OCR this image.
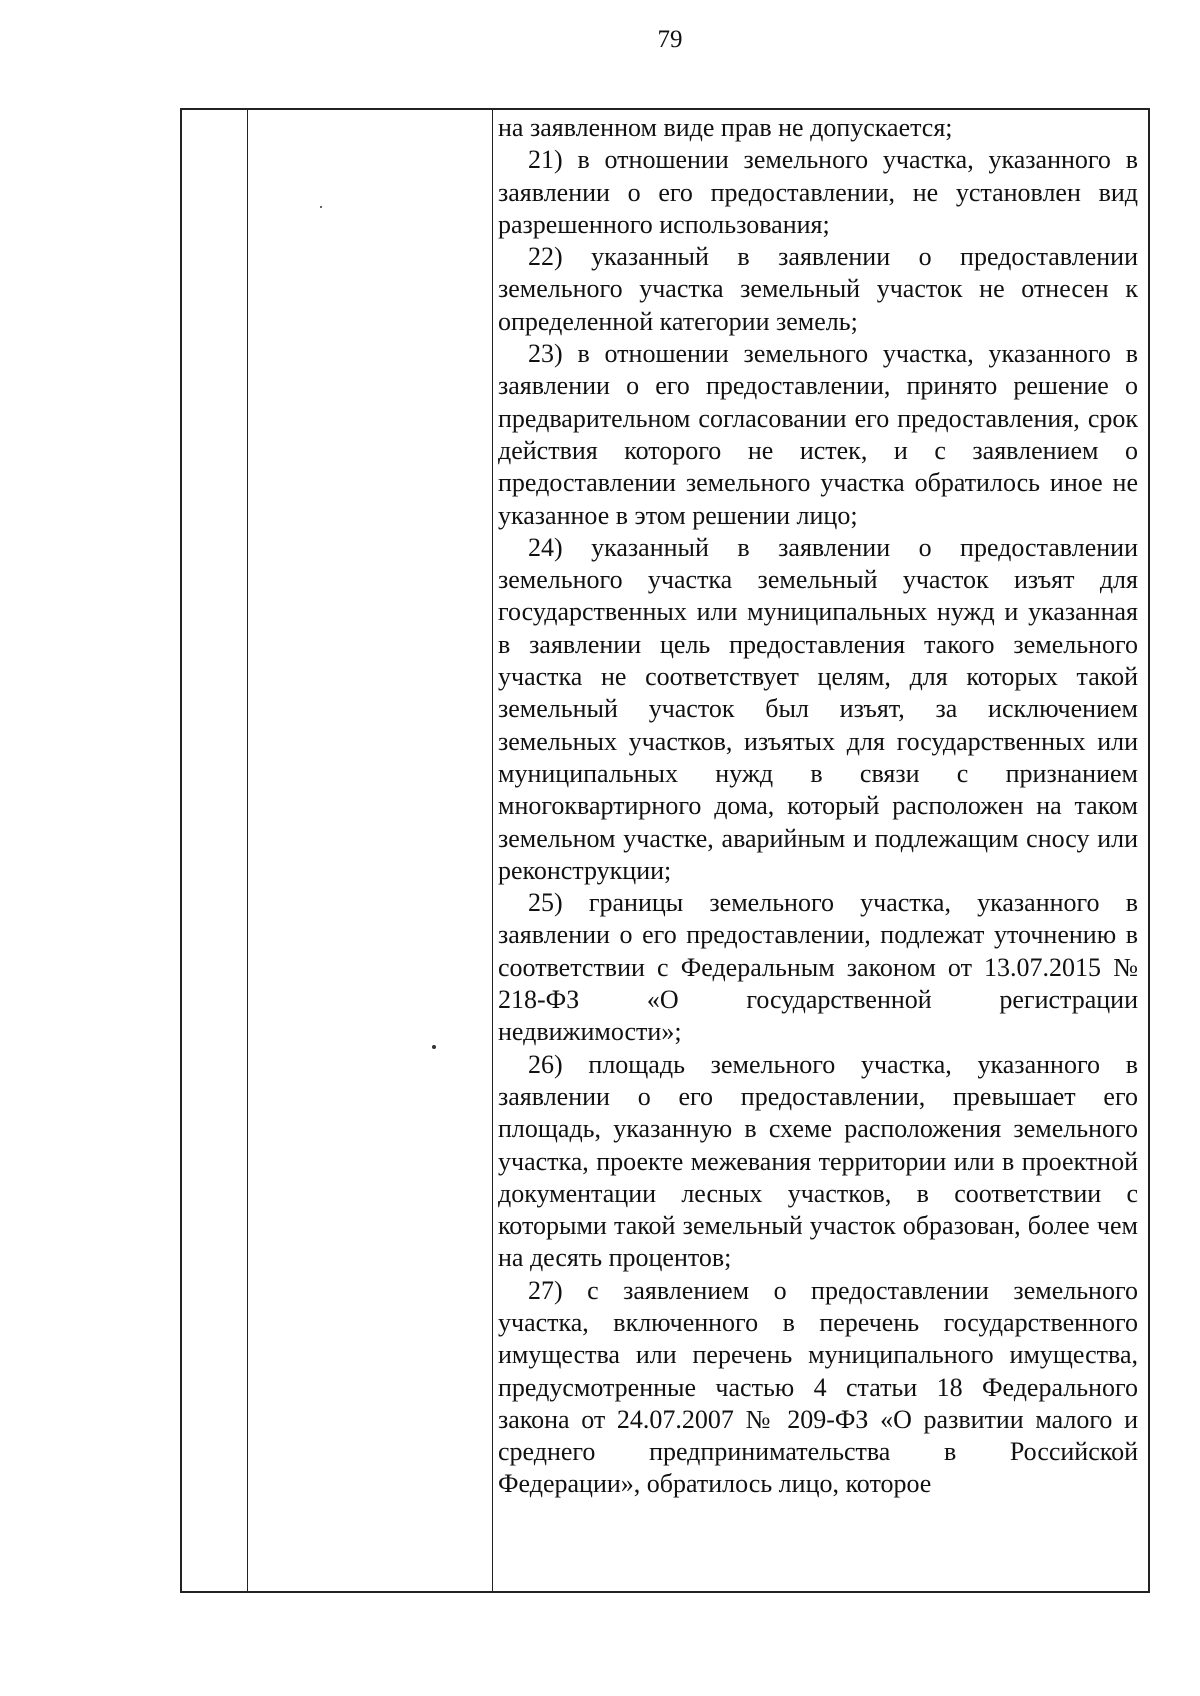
79

на заявленном виде прав не допускается;

21) в отношении земельного участка, указанного в заявлении о его предоставлении, не установлен вид разрешенного использования;

22) указанный в заявлении о предоставлении земельного участка земельный участок не отнесен к определенной категории земель;

23) в отношении земельного участка, указанного в заявлении о его предоставлении, принято решение о предварительном согласовании его предоставления, срок действия которого не истек, и с заявлением о предоставлении земельного участка обратилось иное не указанное в этом решении лицо;

24) указанный в заявлении о предоставлении земельного участка земельный участок изъят для государственных или муниципальных нужд и указанная в заявлении цель предоставления такого земельного участка не соответствует целям, для которых такой земельный участок был изъят, за исключением земельных участков, изъятых для государственных или муниципальных нужд в связи с признанием многоквартирного дома, который расположен на таком земельном участке, аварийным и подлежащим сносу или реконструкции;

25) границы земельного участка, указанного в заявлении о его предоставлении, подлежат уточнению в соответствии с Федеральным законом от 13.07.2015 № 218-ФЗ «О государственной регистрации недвижимости»;

26) площадь земельного участка, указанного в заявлении о его предоставлении, превышает его площадь, указанную в схеме расположения земельного участка, проекте межевания территории или в проектной документации лесных участков, в соответствии с которыми такой земельный участок образован, более чем на десять процентов;

27) с заявлением о предоставлении земельного участка, включенного в перечень государственного имущества или перечень муниципального имущества, предусмотренные частью 4 статьи 18 Федерального закона от 24.07.2007 № 209-ФЗ «О развитии малого и среднего предпринимательства в Российской Федерации», обратилось лицо, которое
